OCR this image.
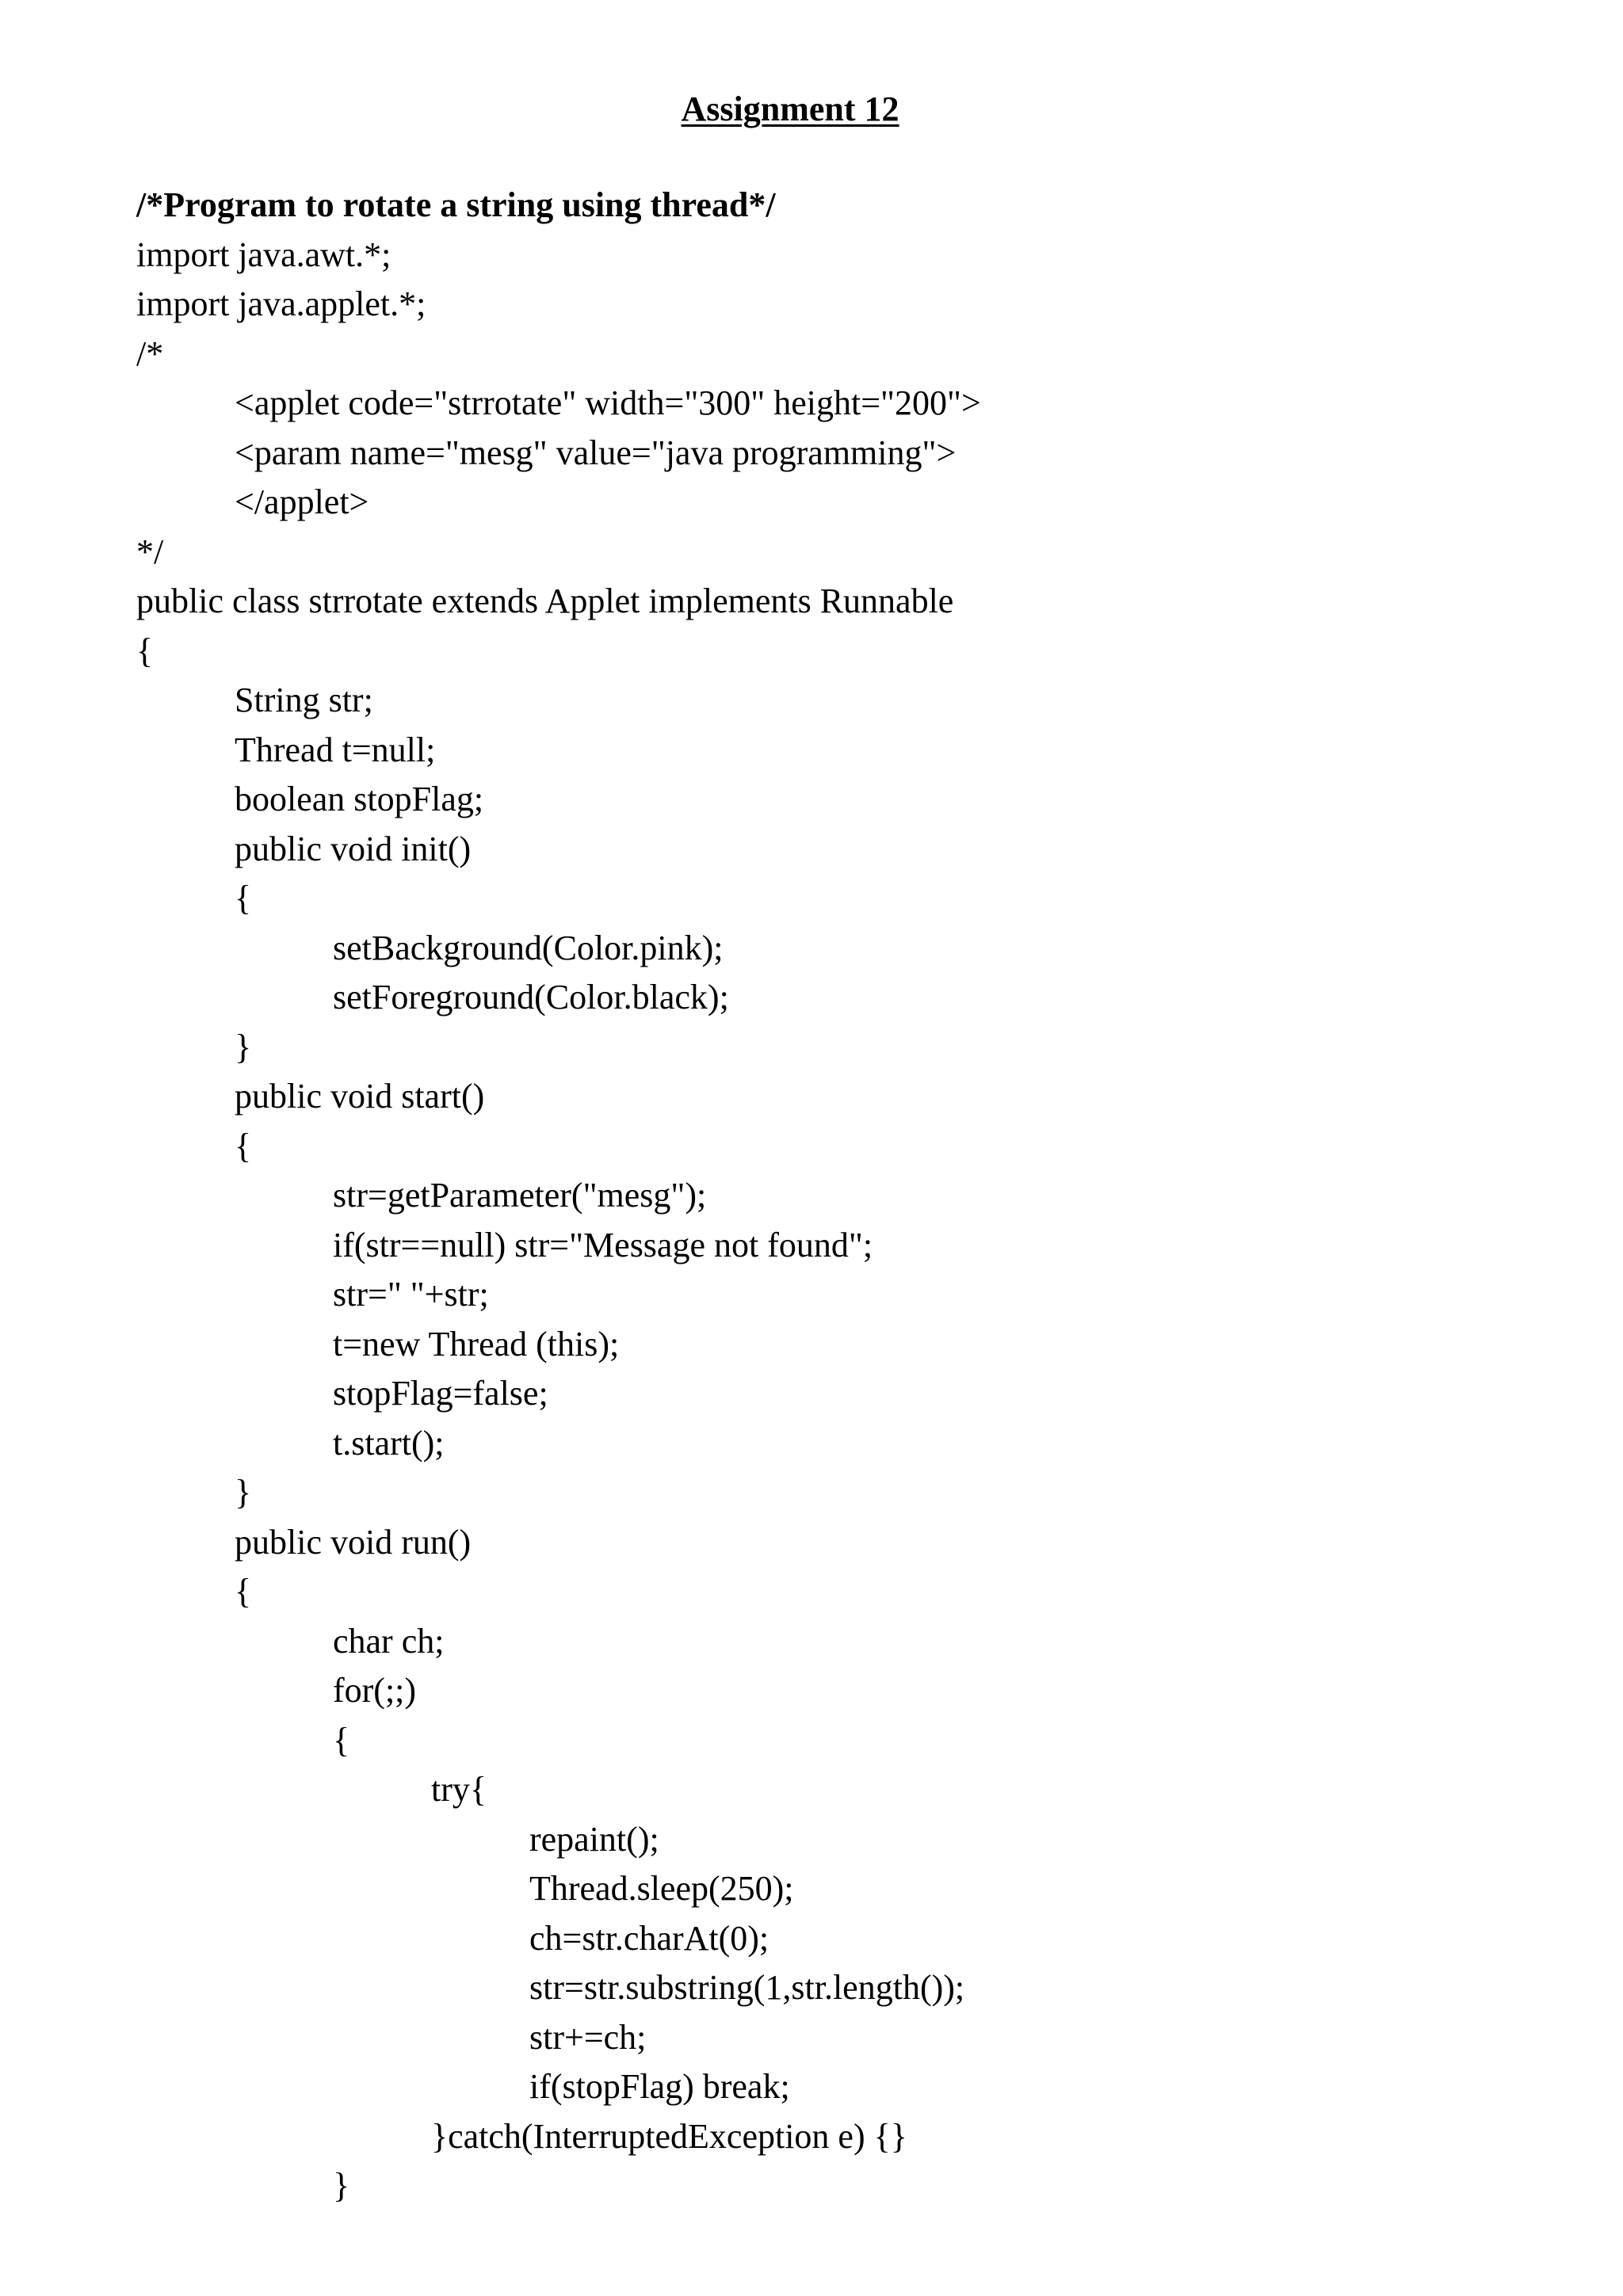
Assignment 12
/*Program to rotate a string using thread*/
import java.awt.*;
import java.applet.*;
/*
<applet code="strrotate" width="300" height="200">
<param name="mesg" value="java programming">
</applet>
*/
public class strrotate extends Applet implements Runnable
{
String str;
Thread t=null;
boolean stopFlag;
public void init()
{
setBackground(Color.pink);
setForeground(Color.black);
}
public void start()
{
str=getParameter("mesg");
if(str==null) str="Message not found";
str=" "+str;
t=new Thread (this);
stopFlag=false;
t.start();
}
public void run()
{
char ch;
for(;;)
{
try{
repaint();
Thread.sleep(250);
ch=str.charAt(0);
str=str.substring(1,str.length());
str+=ch;
if(stopFlag) break;
}catch(InterruptedException e) {}
}
